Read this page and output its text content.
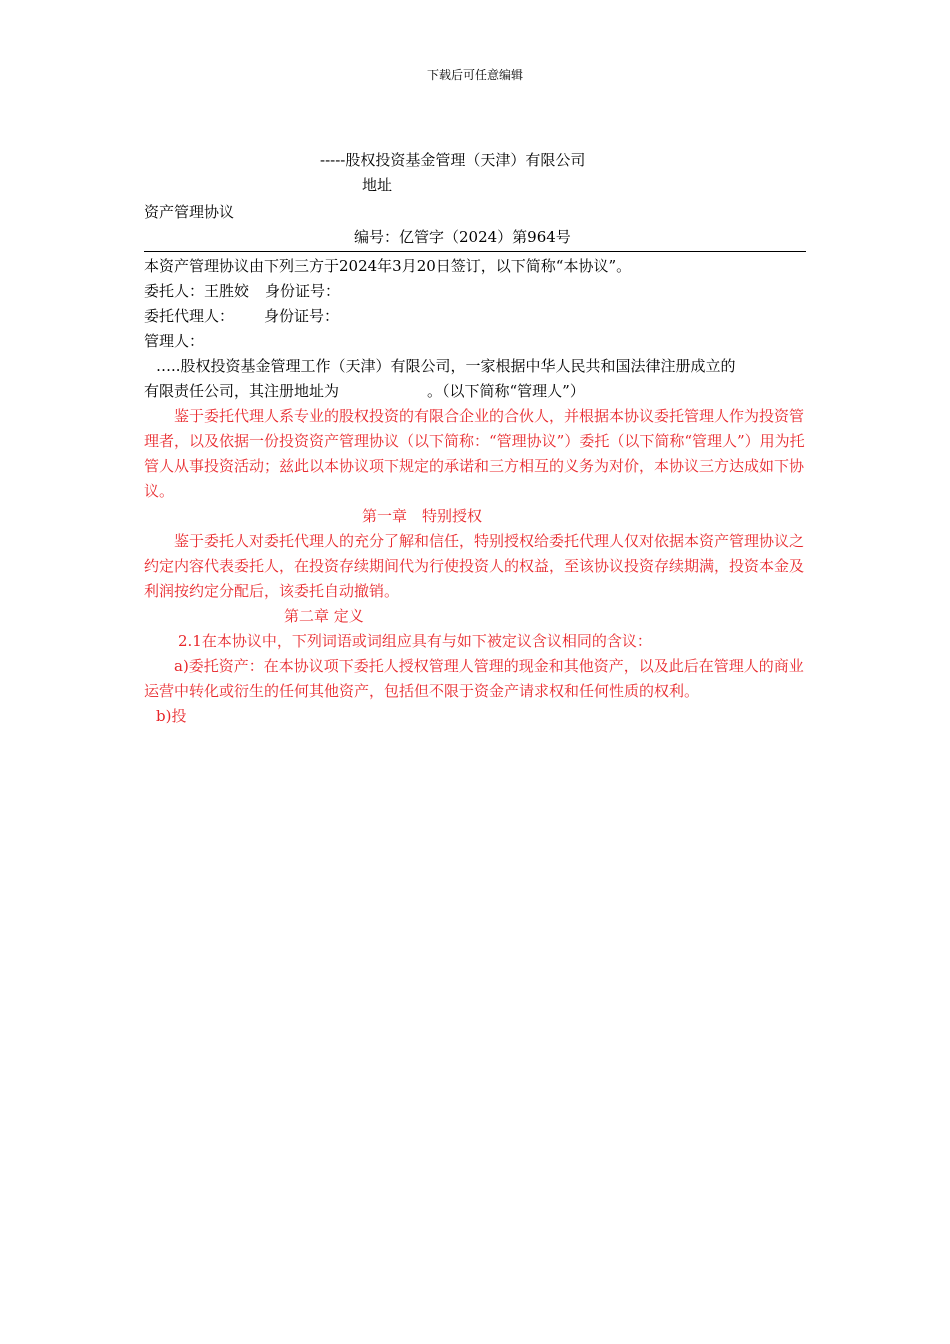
下载后可任意编辑
-----股权投资基金管理（天津）有限公司
地址
资产管理协议
编号：亿管字（2024）第964号
本资产管理协议由下列三方于2024年3月20日签订，以下简称“本协议”。
委托人：王胜姣 身份证号：
委托代理人： 身份证号：
管理人：
…..股权投资基金管理工作（天津）有限公司，一家根据中华人民共和国法律注册成立的
有限责任公司，其注册地址为	。（以下简称“管理人”）
鉴于委托代理人系专业的股权投资的有限合企业的合伙人，并根据本协议委托管理人作为投资管理者，以及依据一份投资资产管理协议（以下简称：“管理协议”）委托（以下简称“管理人”）用为托管人从事投资活动；兹此以本协议项下规定的承诺和三方相互的义务为对价，本协议三方达成如下协议。
第一章　特别授权
鉴于委托人对委托代理人的充分了解和信任，特别授权给委托代理人仅对依据本资产管理协议之约定内容代表委托人，在投资存续期间代为行使投资人的权益，至该协议投资存续期满，投资本金及利润按约定分配后，该委托自动撤销。
第二章 定义
2.1在本协议中，下列词语或词组应具有与如下被定议含议相同的含议：
a)委托资产：在本协议项下委托人授权管理人管理的现金和其他资产，以及此后在管理人的商业运营中转化或衍生的任何其他资产，包括但不限于资金产请求权和任何性质的权利。
b)投
